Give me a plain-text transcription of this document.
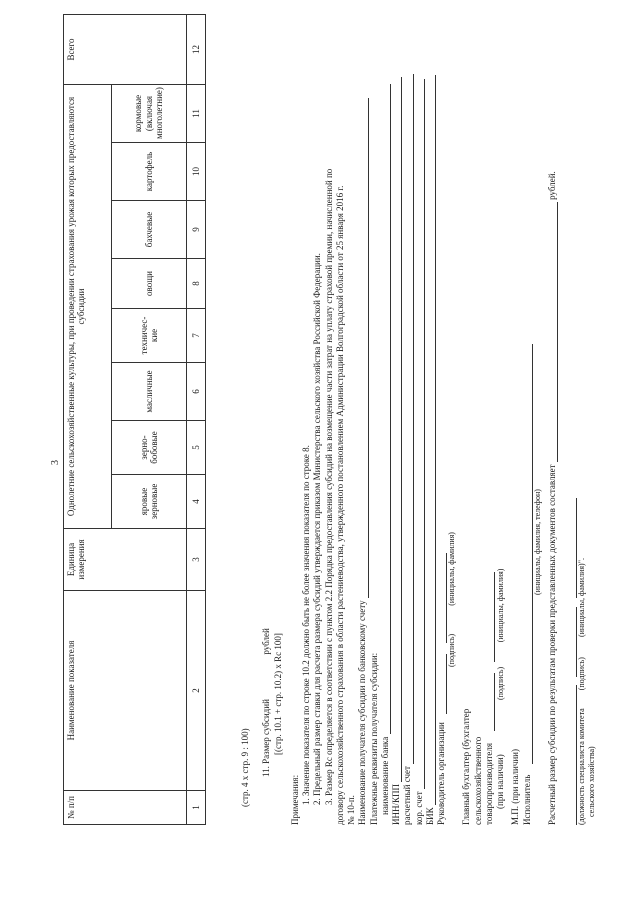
3
№ п/п	Наименование показателя	Единица измерения	Однолетние сельскохозяйственные культуры, при проведении страхования урожая которых предоставляются субсидии								Всего
			яровые зерновые	зерно-бобовые	масличные	техничес-кие	овощи	бахчевые	картофель	кормовые (включая многолетние)	
1	2	3	4	5	6	7	8	9	10	11	12
(стр. 4 х стр. 9 : 100) 11. Размер субсидий  рублей [(стр. 10.1 + стр. 10.2) х Rс 100]
Примечания: 1. Значение показателя по строке 10.2 должно быть не более значения показателя по строке 8. 2. Предельный размер ставки для расчета размера субсидий утверждается приказом Министерства сельского хозяйства Российской Федерации. 3. Размер Rс определяется в соответствии с пунктом 2.2 Порядка предоставления субсидий на возмещение части затрат на уплату страховой премии, начисленной по договору сельскохозяйственного страхования в области растениеводства, утвержденного постановлением Администрации Волгоградской области от 25 января 2016 г. № 10-п. Наименование получателя субсидии по банковскому счету Платежные реквизиты получателя субсидии: наименование банка ИНН/КПП расчетный счет кор. счет БИК Руководитель организации
(подпись)  (инициалы, фамилия)
Главный бухгалтер (бухгалтер сельскохозяйственного товаропроизводителя (при наличии) (подпись)  (инициалы, фамилия)
М.П. (при наличии) Исполнитель
(инициалы, фамилия, телефон) Расчетный размер субсидии по результатам проверки представленных документов составляет  рублей.

(должность специалиста комитета  (подпись)  (инициалы, фамилия)".
сельского хозяйства)
